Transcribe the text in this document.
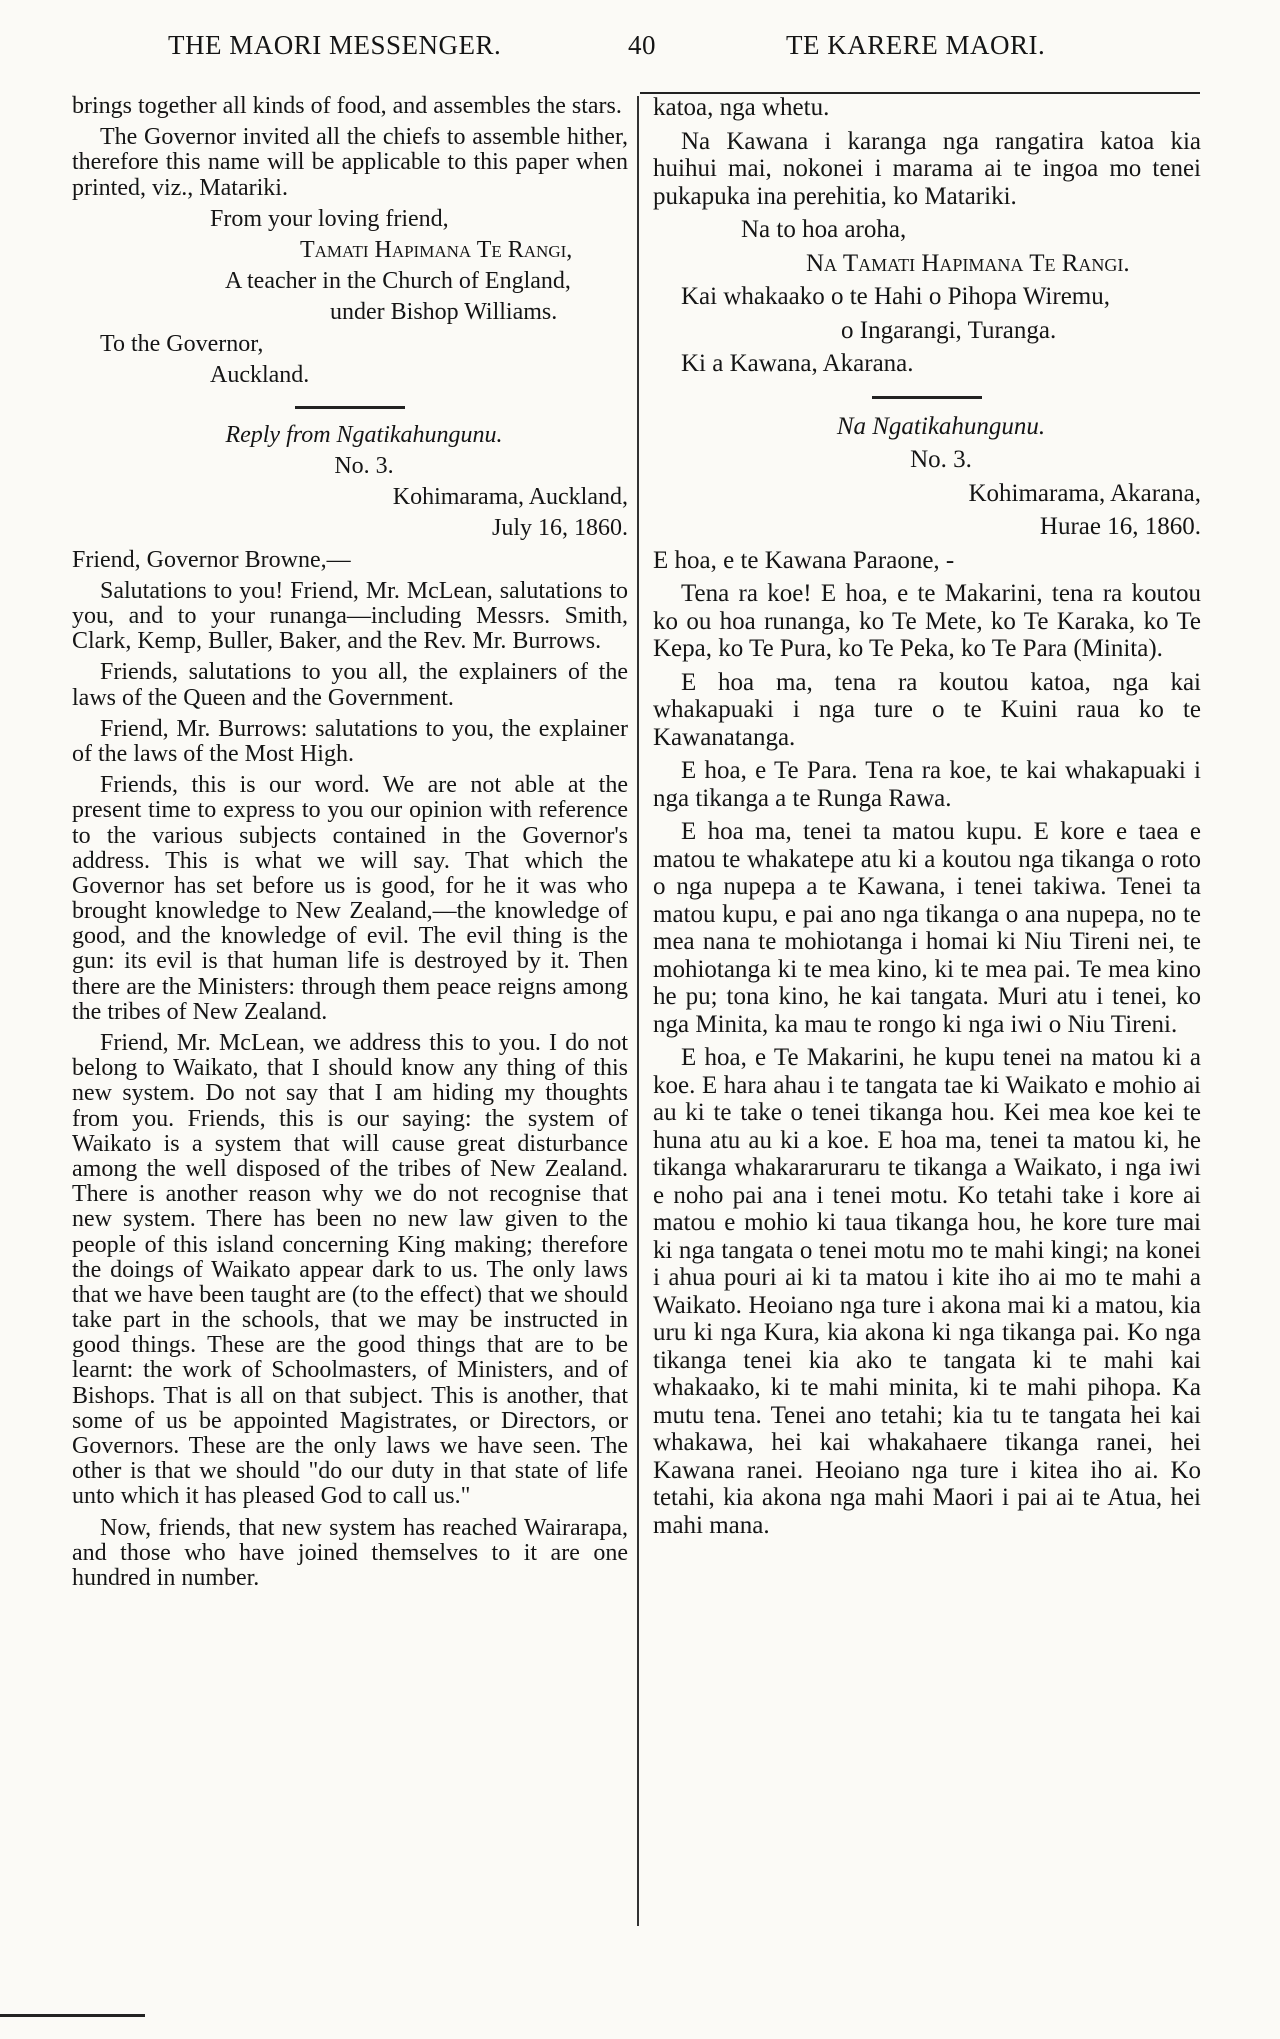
THE MAORI MESSENGER.	40	TE KARERE MAORI.

brings together all kinds of food, and assembles the stars.

The Governor invited all the chiefs to assemble hither, therefore this name will be applicable to this paper when printed, viz., Matariki.

From your loving friend,

Tamati Hapimana Te Rangi,

A teacher in the Church of England,

under Bishop Williams.

To the Governor,

Auckland.

Reply from Ngatikahungunu.

No. 3.

Kohimarama, Auckland,

July 16, 1860.

Friend, Governor Browne,—

Salutations to you! Friend, Mr. McLean, salutations to you, and to your runanga—including Messrs. Smith, Clark, Kemp, Buller, Baker, and the Rev. Mr. Burrows.

Friends, salutations to you all, the explainers of the laws of the Queen and the Government.

Friend, Mr. Burrows: salutations to you, the explainer of the laws of the Most High.

Friends, this is our word. We are not able at the present time to express to you our opinion with reference to the various subjects contained in the Governor's address. This is what we will say. That which the Governor has set before us is good, for he it was who brought knowledge to New Zealand,—the knowledge of good, and the knowledge of evil. The evil thing is the gun: its evil is that human life is destroyed by it. Then there are the Ministers: through them peace reigns among the tribes of New Zealand.

Friend, Mr. McLean, we address this to you. I do not belong to Waikato, that I should know any thing of this new system. Do not say that I am hiding my thoughts from you. Friends, this is our saying: the system of Waikato is a system that will cause great disturbance among the well disposed of the tribes of New Zealand. There is another reason why we do not recognise that new system. There has been no new law given to the people of this island concerning King making; therefore the doings of Waikato appear dark to us. The only laws that we have been taught are (to the effect) that we should take part in the schools, that we may be instructed in good things. These are the good things that are to be learnt: the work of Schoolmasters, of Ministers, and of Bishops. That is all on that subject. This is another, that some of us be appointed Magistrates, or Directors, or Governors. These are the only laws we have seen. The other is that we should "do our duty in that state of life unto which it has pleased God to call us."

Now, friends, that new system has reached Wairarapa, and those who have joined themselves to it are one hundred in number.

katoa, nga whetu.

Na Kawana i karanga nga rangatira katoa kia huihui mai, nokonei i marama ai te ingoa mo tenei pukapuka ina perehitia, ko Matariki.

Na to hoa aroha,

Na Tamati Hapimana Te Rangi.

Kai whakaako o te Hahi o Pihopa Wiremu,

o Ingarangi, Turanga.

Ki a Kawana, Akarana.

Na Ngatikahungunu.

No. 3.

Kohimarama, Akarana,

Hurae 16, 1860.

E hoa, e te Kawana Paraone, -

Tena ra koe! E hoa, e te Makarini, tena ra koutou ko ou hoa runanga, ko Te Mete, ko Te Karaka, ko Te Kepa, ko Te Pura, ko Te Peka, ko Te Para (Minita).

E hoa ma, tena ra koutou katoa, nga kai whakapuaki i nga ture o te Kuini raua ko te Kawanatanga.

E hoa, e Te Para. Tena ra koe, te kai whakapuaki i nga tikanga a te Runga Rawa.

E hoa ma, tenei ta matou kupu. E kore e taea e matou te whakatepe atu ki a koutou nga tikanga o roto o nga nupepa a te Kawana, i tenei takiwa. Tenei ta matou kupu, e pai ano nga tikanga o ana nupepa, no te mea nana te mohiotanga i homai ki Niu Tireni nei, te mohiotanga ki te mea kino, ki te mea pai. Te mea kino he pu; tona kino, he kai tangata. Muri atu i tenei, ko nga Minita, ka mau te rongo ki nga iwi o Niu Tireni.

E hoa, e Te Makarini, he kupu tenei na matou ki a koe. E hara ahau i te tangata tae ki Waikato e mohio ai au ki te take o tenei tikanga hou. Kei mea koe kei te huna atu au ki a koe. E hoa ma, tenei ta matou ki, he tikanga whakararuraru te tikanga a Waikato, i nga iwi e noho pai ana i tenei motu. Ko tetahi take i kore ai matou e mohio ki taua tikanga hou, he kore ture mai ki nga tangata o tenei motu mo te mahi kingi; na konei i ahua pouri ai ki ta matou i kite iho ai mo te mahi a Waikato. Heoiano nga ture i akona mai ki a matou, kia uru ki nga Kura, kia akona ki nga tikanga pai. Ko nga tikanga tenei kia ako te tangata ki te mahi kai whakaako, ki te mahi minita, ki te mahi pihopa. Ka mutu tena. Tenei ano tetahi; kia tu te tangata hei kai whakawa, hei kai whakahaere tikanga ranei, hei Kawana ranei. Heoiano nga ture i kitea iho ai. Ko tetahi, kia akona nga mahi Maori i pai ai te Atua, hei mahi mana.
